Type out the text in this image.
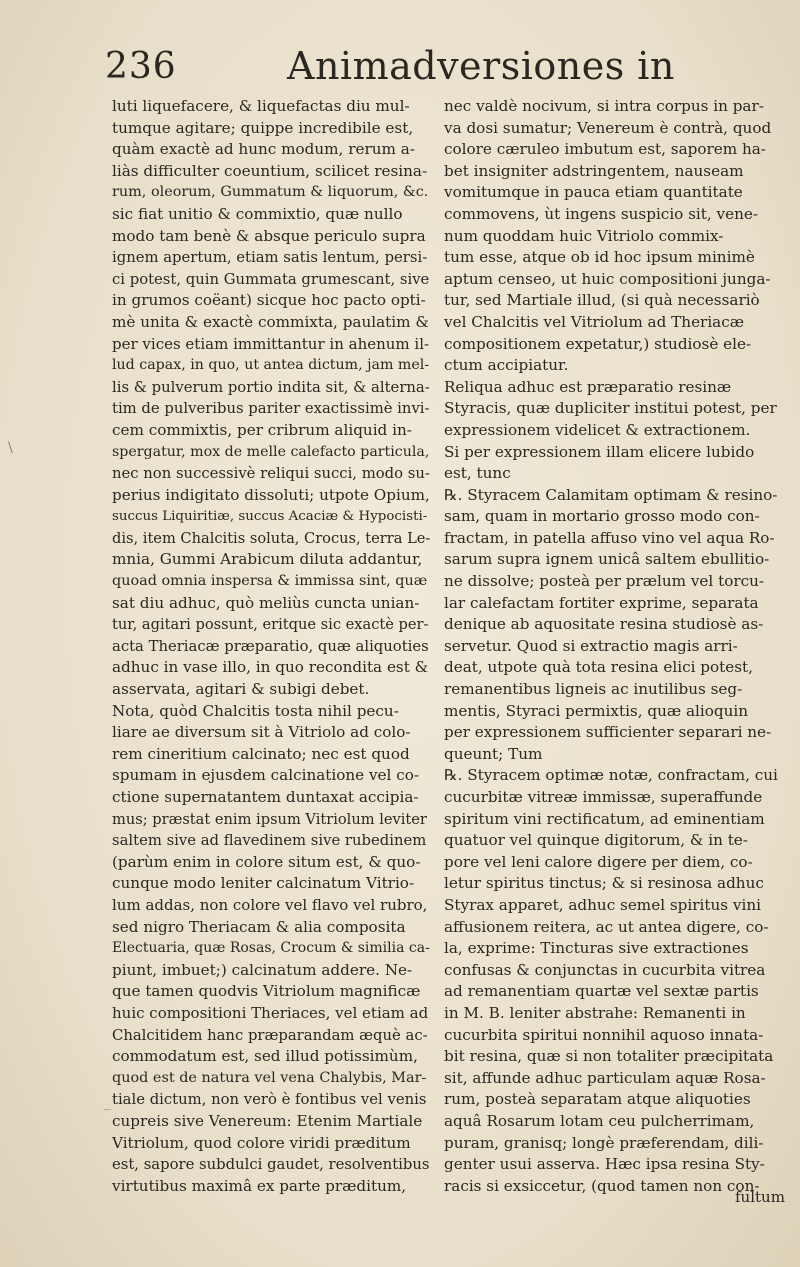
236	Animadversiones in
luti liquefacere, & liquefactas diu mul-
tumque agitare; quippe incredibile est,
quàm exactè ad hunc modum, rerum a-
liàs difficulter coeuntium, scilicet resina-
rum, oleorum, Gummatum & liquorum, &c.
sic fiat unitio & commixtio, quæ nullo
modo tam benè & absque periculo supra
ignem apertum, etiam satis lentum, persi-
ci potest, quin Gummata grumescant, sive
in grumos coëant) sicque hoc pacto opti-
mè unita & exactè commixta, paulatim &
per vices etiam immittantur in ahenum il-
lud capax, in quo, ut antea dictum, jam mel-
lis & pulverum portio indita sit, & alterna-
tim de pulveribus pariter exactissimè invi-
cem commixtis, per cribrum aliquid in-
spergatur, mox de melle calefacto particula,
nec non successivè reliqui succi, modo su-
perius indigitato dissoluti; utpote Opium,
succus Liquiritiæ, succus Acaciæ & Hypocisti-
dis, item Chalcitis soluta, Crocus, terra Le-
mnia, Gummi Arabicum diluta addantur,
quoad omnia inspersa & immissa sint, quæ
sat diu adhuc, quò meliùs cuncta unian-
tur, agitari possunt, eritque sic exactè per-
acta Theriacæ præparatio, quæ aliquoties
adhuc in vase illo, in quo recondita est &
asservata, agitari & subigi debet.
Nota, quòd Chalcitis tosta nihil pecu-
liare ae diversum sit à Vitriolo ad colo-
rem cineritium calcinato; nec est quod
spumam in ejusdem calcinatione vel co-
ctione supernatantem duntaxat accipia-
mus; præstat enim ipsum Vitriolum leviter
saltem sive ad flavedinem sive rubedinem
(parùm enim in colore situm est, & quo-
cunque modo leniter calcinatum Vitrio-
lum addas, non colore vel flavo vel rubro,
sed nigro Theriacam & alia composita
Electuaria, quæ Rosas, Crocum & similia ca-
piunt, imbuet;) calcinatum addere. Ne-
que tamen quodvis Vitriolum magnificæ
huic compositioni Theriaces, vel etiam ad
Chalcitidem hanc præparandam æquè ac-
commodatum est, sed illud potissimùm,
quod est de natura vel vena Chalybis, Mar-
tiale dictum, non verò è fontibus vel venis
cupreis sive Venereum: Etenim Martiale
Vitriolum, quod colore viridi præditum
est, sapore subdulci gaudet, resolventibus
virtutibus maximâ ex parte præditum,
nec valdè nocivum, si intra corpus in par-
va dosi sumatur; Venereum è contrà, quod
colore cæruleo imbutum est, saporem ha-
bet insigniter adstringentem, nauseam
vomitumque in pauca etiam quantitate
commovens, ùt ingens suspicio sit, vene-
num quoddam huic Vitriolo commix-
tum esse, atque ob id hoc ipsum minimè
aptum censeo, ut huic compositioni junga-
tur, sed Martiale illud, (si quà necessariò
vel Chalcitis vel Vitriolum ad Theriacæ
compositionem expetatur,) studiosè ele-
ctum accipiatur.
Reliqua adhuc est præparatio resinæ
Styracis, quæ dupliciter institui potest, per
expressionem videlicet & extractionem.
Si per expressionem illam elicere lubido
est, tunc
℞. Styracem Calamitam optimam & resino-
sam, quam in mortario grosso modo con-
fractam, in patella affuso vino vel aqua Ro-
sarum supra ignem unicâ saltem ebullitio-
ne dissolve; posteà per prælum vel torcu-
lar calefactam fortiter exprime, separata
denique ab aquositate resina studiosè as-
servetur. Quod si extractio magis arri-
deat, utpote quà tota resina elici potest,
remanentibus ligneis ac inutilibus seg-
mentis, Styraci permixtis, quæ alioquin
per expressionem sufficienter separari ne-
queunt; Tum
℞. Styracem optimæ notæ, confractam, cui
cucurbitæ vitreæ immissæ, superaffunde
spiritum vini rectificatum, ad eminentiam
quatuor vel quinque digitorum, & in te-
pore vel leni calore digere per diem, co-
letur spiritus tinctus; & si resinosa adhuc
Styrax apparet, adhuc semel spiritus vini
affusionem reitera, ac ut antea digere, co-
la, exprime: Tincturas sive extractiones
confusas & conjunctas in cucurbita vitrea
ad remanentiam quartæ vel sextæ partis
in M. B. leniter abstrahe: Remanenti in
cucurbita spiritui nonnihil aquoso innata-
bit resina, quæ si non totaliter præcipitata
sit, affunde adhuc particulam aquæ Rosa-
rum, posteà separatam atque aliquoties
aquâ Rosarum lotam ceu pulcherrimam,
puram, granisq; longè præferendam, dili-
genter usui asserva. Hæc ipsa resina Sty-
racis si exsiccetur, (quod tamen non con-
fultum
\
_
